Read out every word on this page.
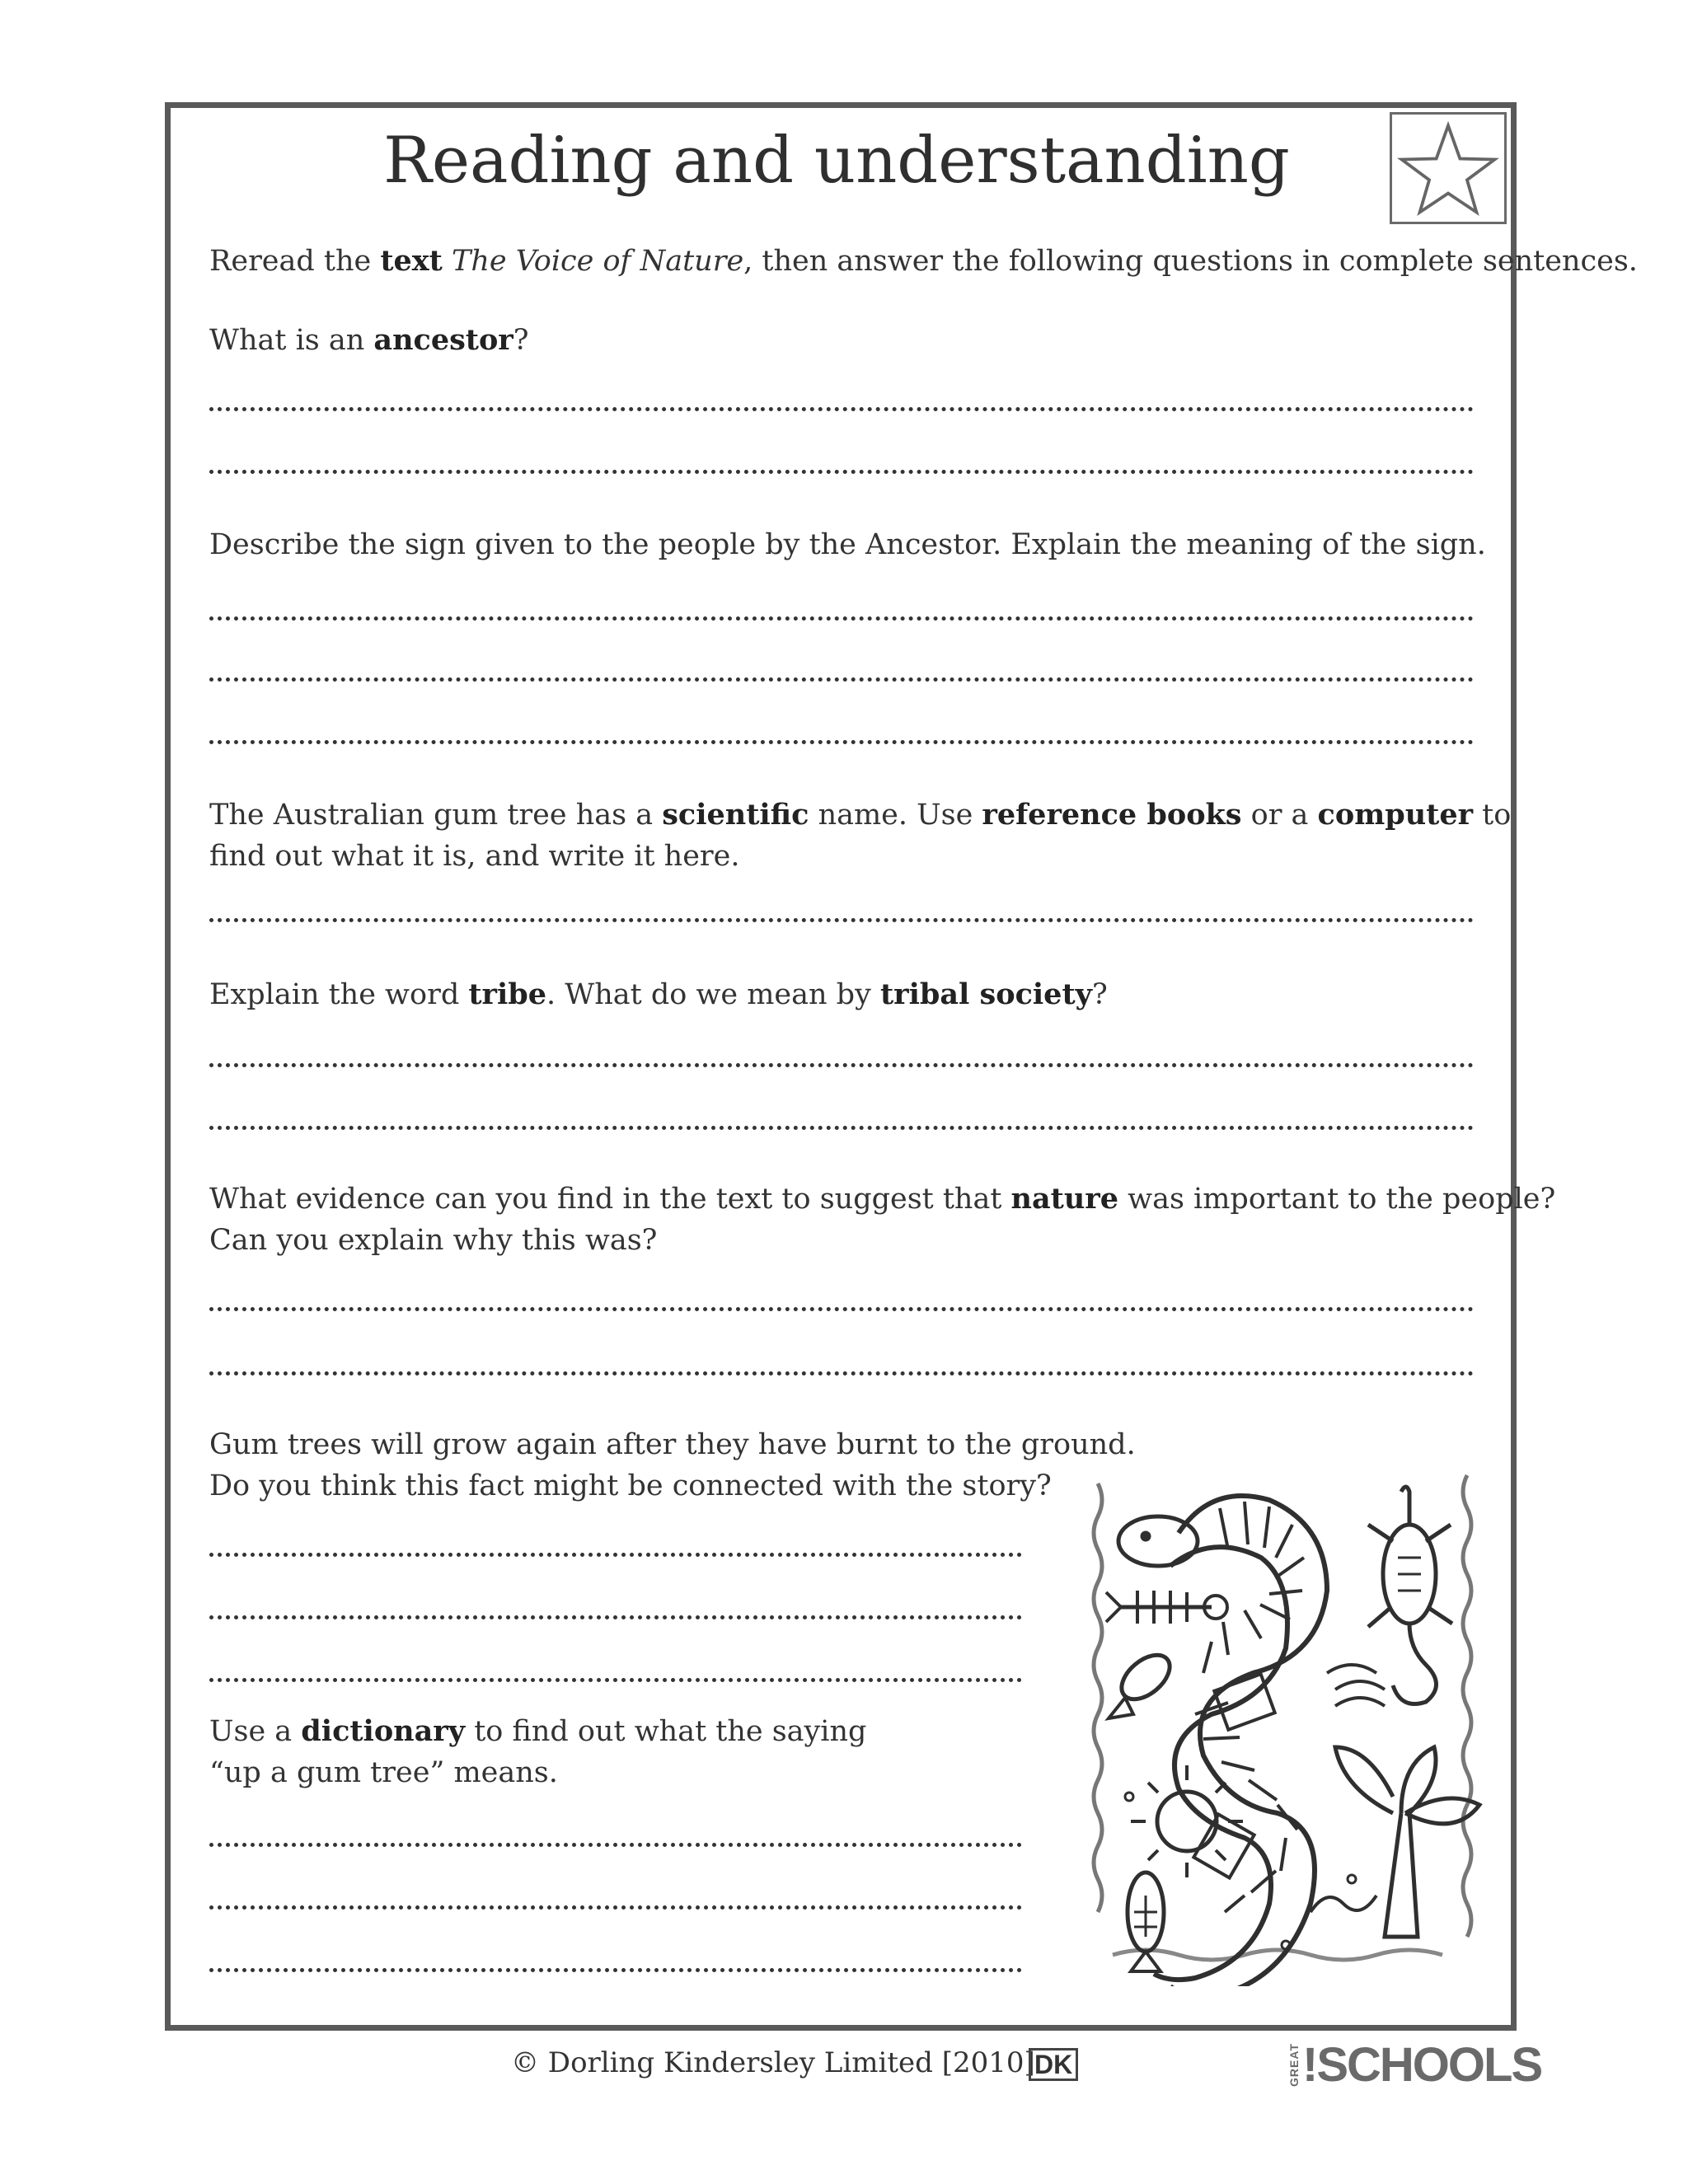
Reading and understanding

Reread the text The Voice of Nature, then answer the following questions in complete sentences.

What is an ancestor?

Describe the sign given to the people by the Ancestor. Explain the meaning of the sign.

The Australian gum tree has a scientific name. Use reference books or a computer to
find out what it is, and write it here.

Explain the word tribe. What do we mean by tribal society?

What evidence can you find in the text to suggest that nature was important to the people?
Can you explain why this was?

Gum trees will grow again after they have burnt to the ground.
Do you think this fact might be connected with the story?

Use a dictionary to find out what the saying
“up a gum tree” means.

© Dorling Kindersley Limited [2010] DK	GREAT ! SCHOOLS
